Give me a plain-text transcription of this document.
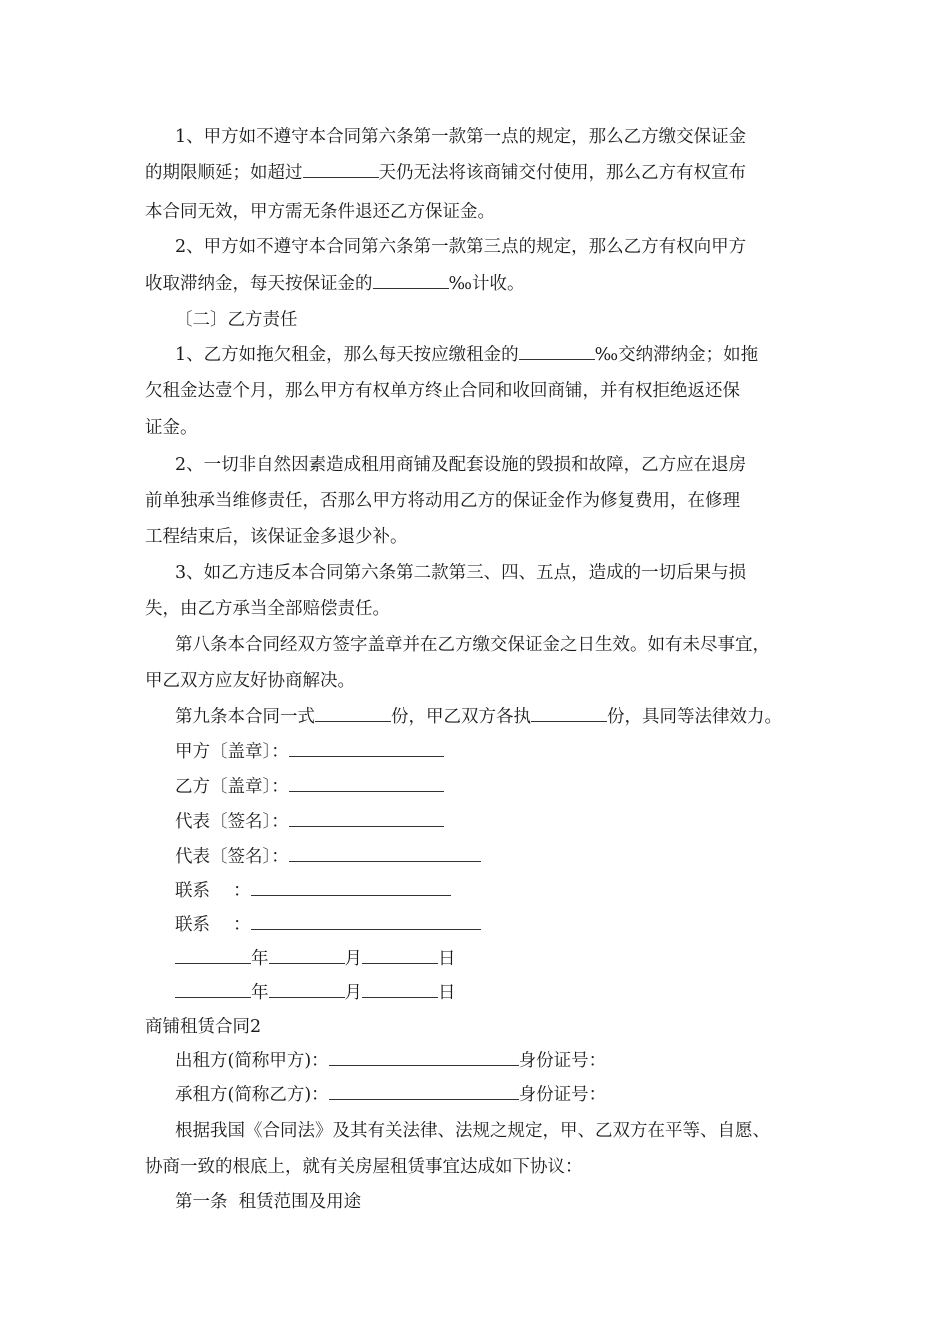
1、甲方如不遵守本合同第六条第一款第一点的规定，那么乙方缴交保证金
的期限顺延；如超过	天仍无法将该商铺交付使用，那么乙方有权宣布
本合同无效，甲方需无条件退还乙方保证金。
2、甲方如不遵守本合同第六条第一款第三点的规定，那么乙方有权向甲方
收取滞纳金，每天按保证金的	‰计收。
〔二〕乙方责任
1、乙方如拖欠租金，那么每天按应缴租金的	‰交纳滞纳金；如拖
欠租金达壹个月，那么甲方有权单方终止合同和收回商铺，并有权拒绝返还保
证金。
2、一切非自然因素造成租用商铺及配套设施的毁损和故障，乙方应在退房
前单独承当维修责任，否那么甲方将动用乙方的保证金作为修复费用，在修理
工程结束后，该保证金多退少补。
3、如乙方违反本合同第六条第二款第三、四、五点，造成的一切后果与损
失，由乙方承当全部赔偿责任。
第八条本合同经双方签字盖章并在乙方缴交保证金之日生效。如有未尽事宜，
甲乙双方应友好协商解决。
第九条本合同一式	份，甲乙双方各执	份，具同等法律效力。
甲方〔盖章〕：
乙方〔盖章〕：
代表〔签名〕：
代表〔签名〕：
联系　 ：
联系　 ：
年	月	日
年	月	日
商铺租赁合同2
出租方(简称甲方)：	身份证号：
承租方(简称乙方)：	身份证号：
根据我国《合同法》及其有关法律、法规之规定，甲、乙双方在平等、自愿、
协商一致的根底上，就有关房屋租赁事宜达成如下协议：
第一条  租赁范围及用途
